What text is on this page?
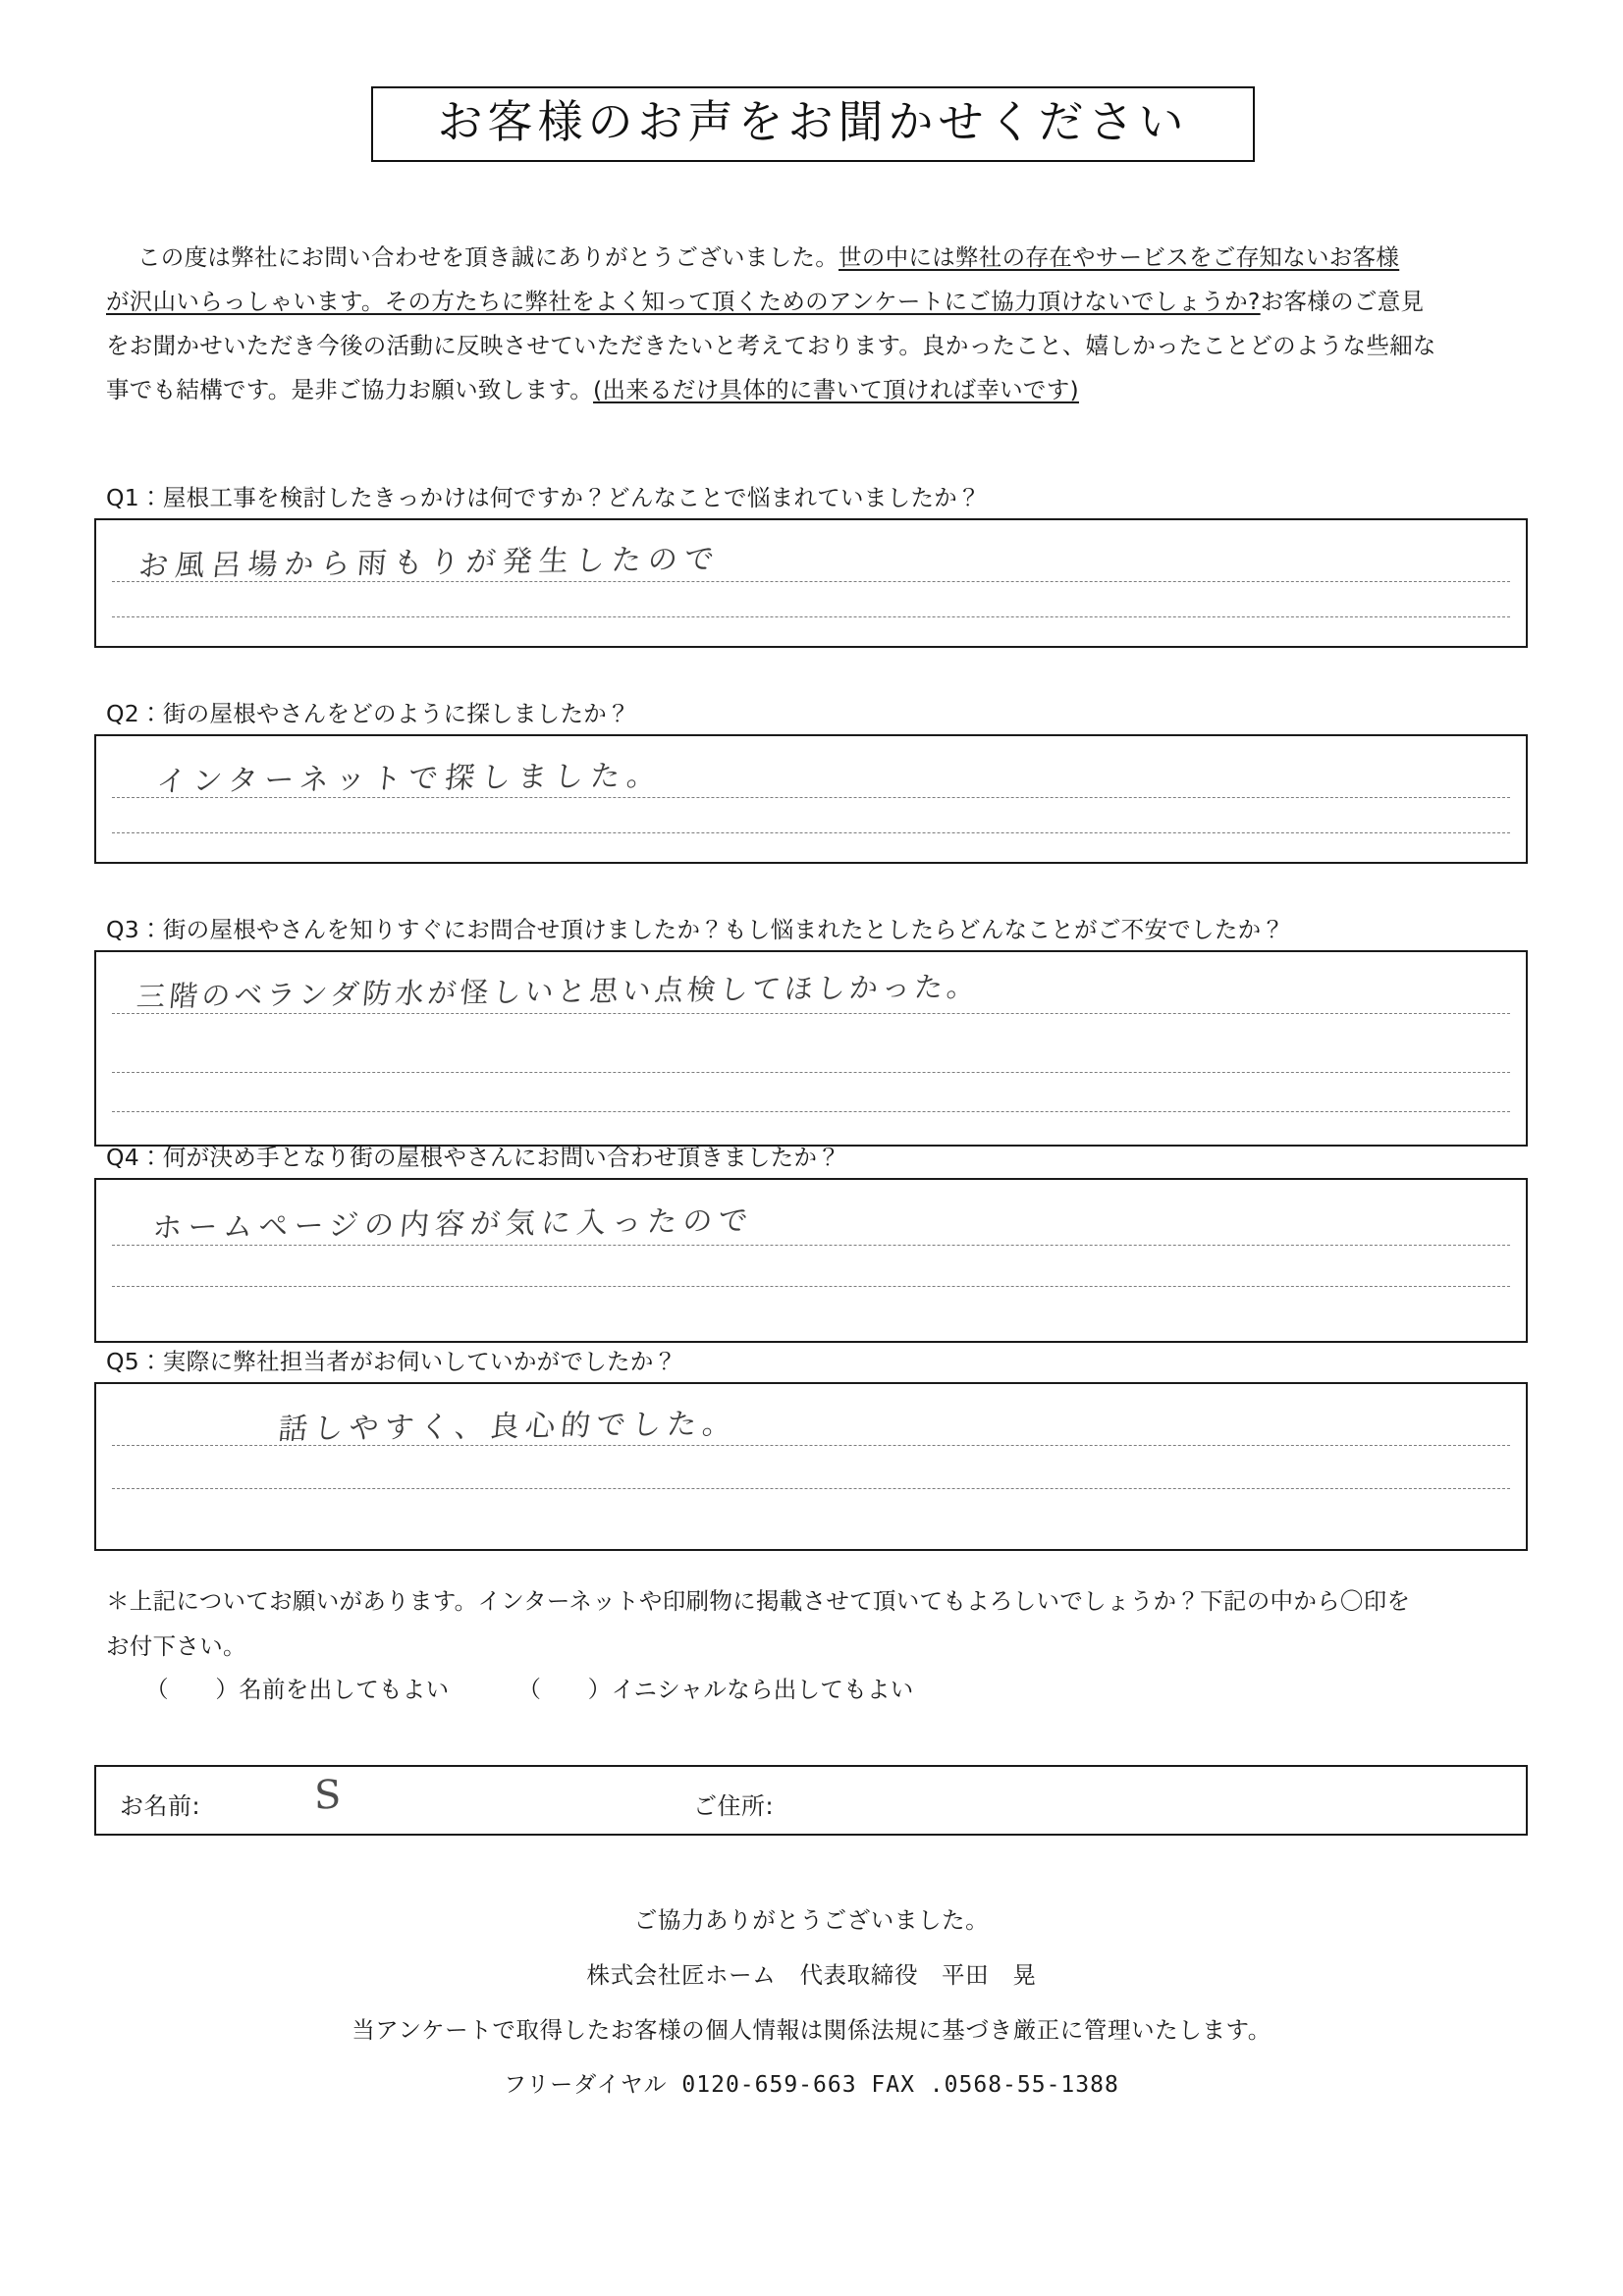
お客様のお声をお聞かせください

この度は弊社にお問い合わせを頂き誠にありがとうございました。世の中には弊社の存在やサービスをご存知ないお客様

が沢山いらっしゃいます。その方たちに弊社をよく知って頂くためのアンケートにご協力頂けないでしょうか?お客様のご意見

をお聞かせいただき今後の活動に反映させていただきたいと考えております。良かったこと、嬉しかったことどのような些細な

事でも結構です。是非ご協力お願い致します。(出来るだけ具体的に書いて頂ければ幸いです)

Q1：屋根工事を検討したきっかけは何ですか？どんなことで悩まれていましたか？
お風呂場から雨もりが発生したので
Q2：街の屋根やさんをどのように探しましたか？
インターネットで探しました。
Q3：街の屋根やさんを知りすぐにお問合せ頂けましたか？もし悩まれたとしたらどんなことがご不安でしたか？
三階のベランダ防水が怪しいと思い点検してほしかった。
Q4：何が決め手となり街の屋根やさんにお問い合わせ頂きましたか？
ホームページの内容が気に入ったので
Q5：実際に弊社担当者がお伺いしていかがでしたか？
話しやすく、良心的でした。

＊上記についてお願いがあります。インターネットや印刷物に掲載させて頂いてもよろしいでしょうか？下記の中から〇印を

お付下さい。

（　　）名前を出してもよい	（　　）イニシャルなら出してもよい
お名前:	S	ご住所:
ご協力ありがとうございました。
株式会社匠ホーム　代表取締役　平田　晃
当アンケートで取得したお客様の個人情報は関係法規に基づき厳正に管理いたします。
フリーダイヤル 0120-659-663 FAX .0568-55-1388
